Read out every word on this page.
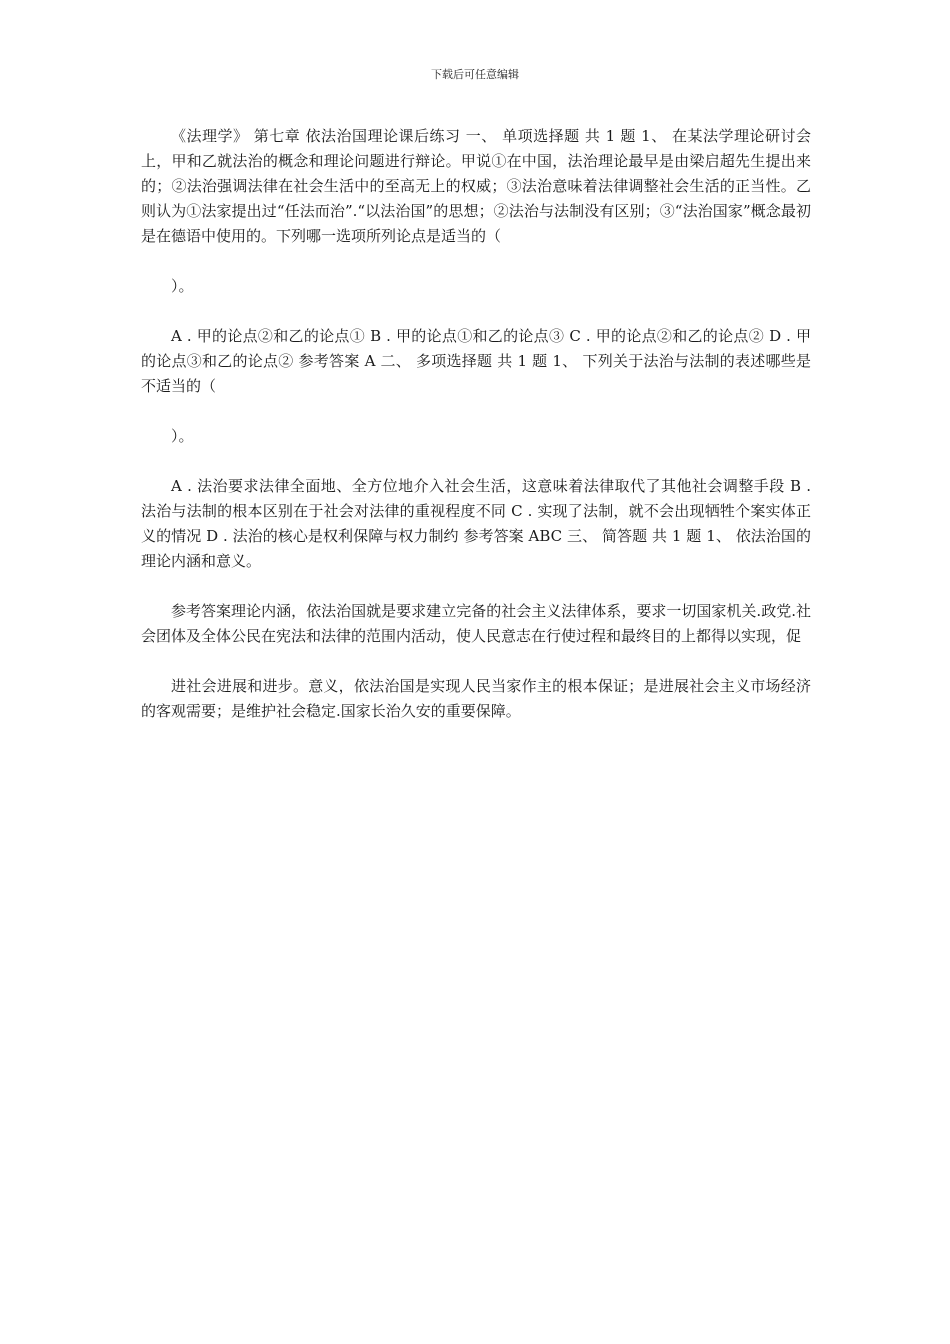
下载后可任意编辑

《法理学》 第七章 依法治国理论课后练习 一、 单项选择题 共 1 题 1、 在某法学理论研讨会上，甲和乙就法治的概念和理论问题进行辩论。甲说①在中国，法治理论最早是由梁启超先生提出来的；②法治强调法律在社会生活中的至高无上的权威；③法治意味着法律调整社会生活的正当性。乙则认为①法家提出过“任法而治”.“以法治国”的思想；②法治与法制没有区别；③“法治国家”概念最初是在德语中使用的。下列哪一选项所列论点是适当的（

）。

A . 甲的论点②和乙的论点① B . 甲的论点①和乙的论点③ C . 甲的论点②和乙的论点② D . 甲的论点③和乙的论点② 参考答案 A 二、 多项选择题 共 1 题 1、 下列关于法治与法制的表述哪些是不适当的（

）。

A . 法治要求法律全面地、全方位地介入社会生活，这意味着法律取代了其他社会调整手段 B . 法治与法制的根本区别在于社会对法律的重视程度不同 C . 实现了法制，就不会出现牺牲个案实体正义的情况 D . 法治的核心是权利保障与权力制约 参考答案 ABC 三、 简答题 共 1 题 1、 依法治国的理论内涵和意义。

参考答案理论内涵，依法治国就是要求建立完备的社会主义法律体系，要求一切国家机关.政党.社会团体及全体公民在宪法和法律的范围内活动，使人民意志在行使过程和最终目的上都得以实现，促

进社会进展和进步。意义，依法治国是实现人民当家作主的根本保证；是进展社会主义市场经济的客观需要；是维护社会稳定.国家长治久安的重要保障。
